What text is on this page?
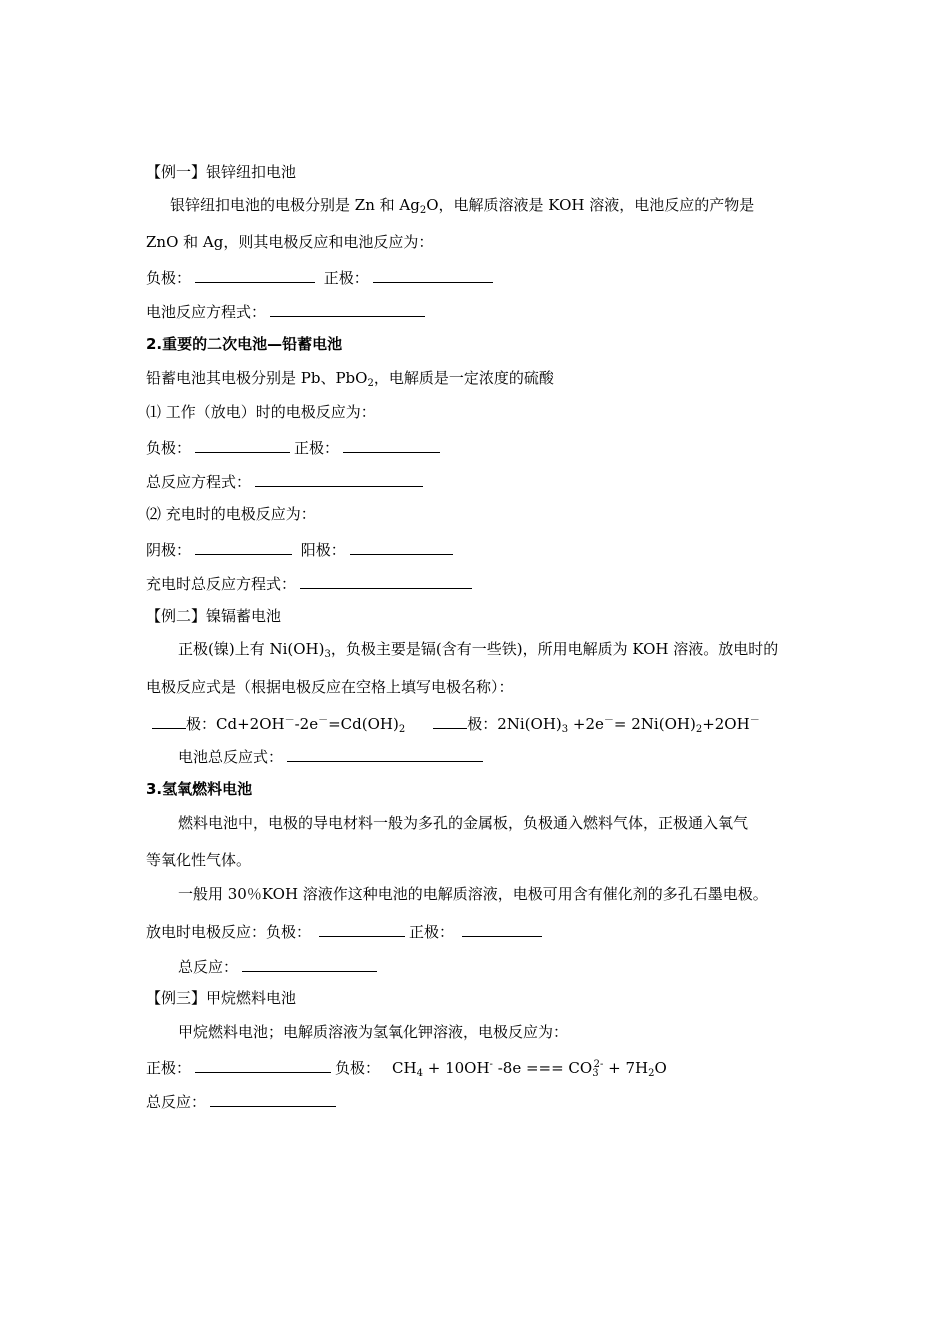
【例一】银锌纽扣电池
银锌纽扣电池的电极分别是 Zn 和 $Ag_2O$，电解质溶液是 KOH 溶液，电池反应的产物是
ZnO 和 Ag，则其电极反应和电池反应为：
负极：	正极：
电池反应方程式：
2.重要的二次电池—铅蓄电池
铅蓄电池其电极分别是 Pb、PbO$_2$，电解质是一定浓度的硫酸
⑴ 工作（放电）时的电极反应为：
负极：	正极：
总反应方程式：
⑵ 充电时的电极反应为：
阴极：	阳极：
充电时总反应方程式：
【例二】镍镉蓄电池
正极(镍)上有 $Ni(OH)_3$，负极主要是镉(含有一些铁)，所用电解质为 KOH 溶液。放电时的
电极反应式是（根据电极反应在空格上填写电极名称）：
极：$Cd+2OH^--2e^-=Cd(OH)_2$	极：$2Ni(OH)_3 +2e^-= 2Ni(OH)_2+2OH^-$
电池总反应式：
3.氢氧燃料电池
燃料电池中，电极的导电材料一般为多孔的金属板，负极通入燃料气体，正极通入氧气
等氧化性气体。
一般用 30％KOH 溶液作这种电池的电解质溶液，电极可用含有催化剂的多孔石墨电极。
放电时电极反应：负极：	正极：
总反应：
【例三】甲烷燃料电池
甲烷燃料电池；电解质溶液为氢氧化钾溶液，电极反应为：
正极：	负极： $CH_4 + 10OH^-$ -8e === $CO_3^{2-} + 7H_2O$
总反应：
